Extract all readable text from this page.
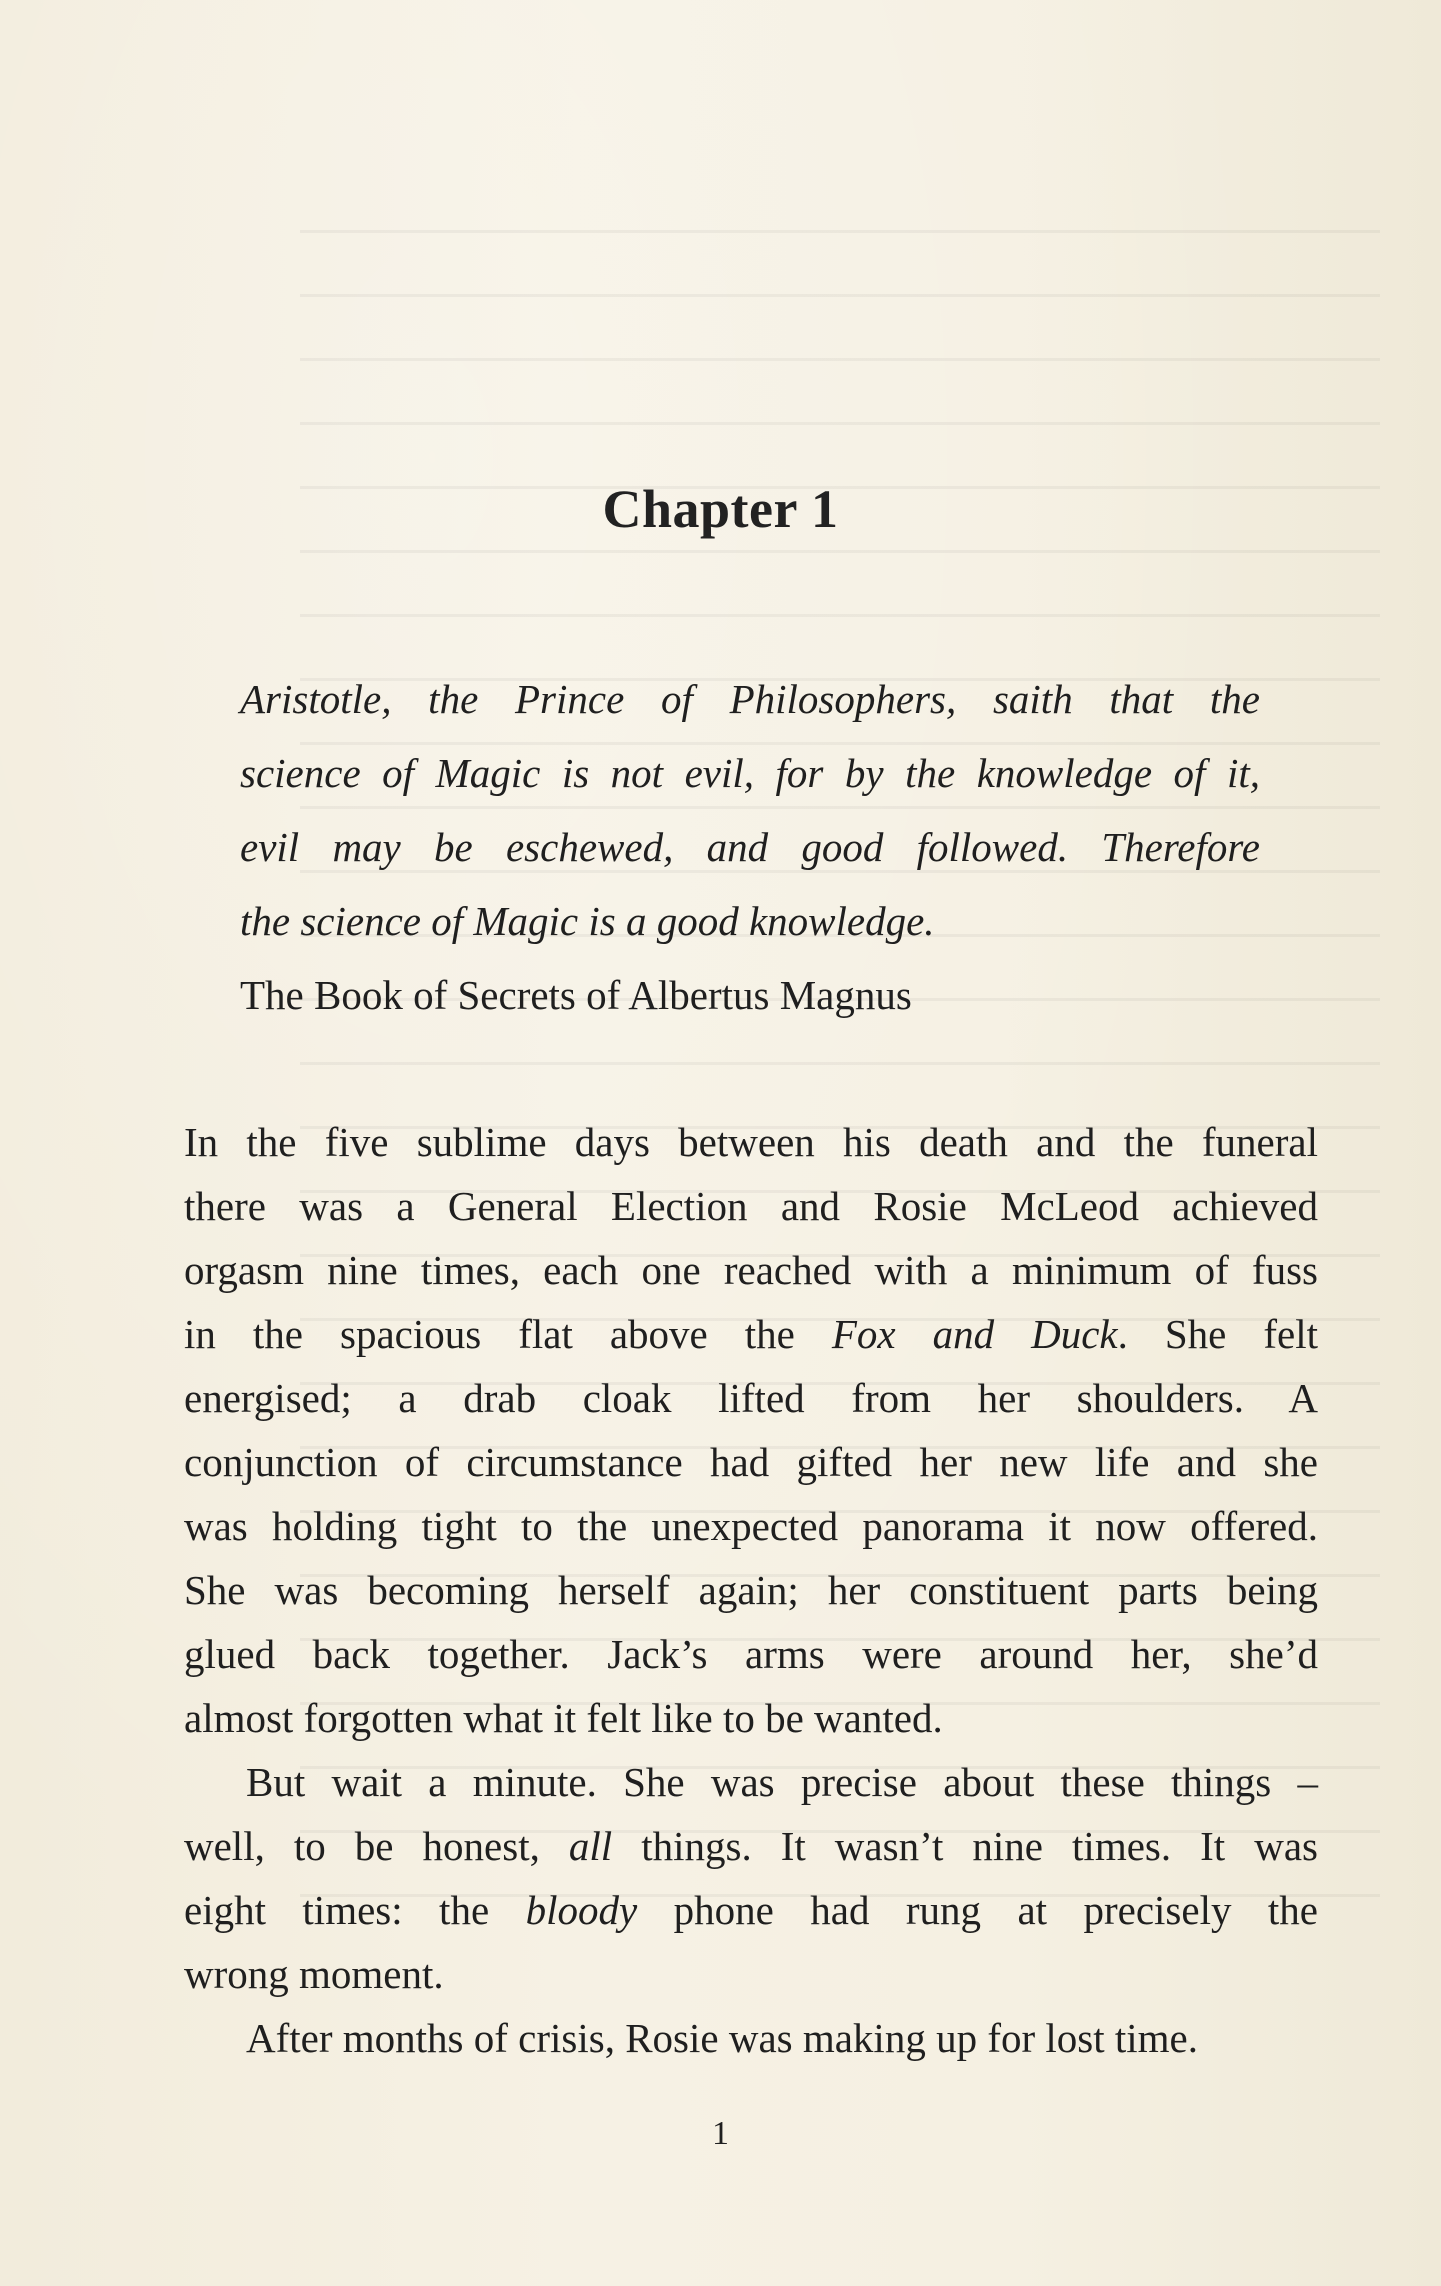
Chapter 1
Aristotle, the Prince of Philosophers, saith that the
science of Magic is not evil, for by the knowledge of it,
evil may be eschewed, and good followed. Therefore
the science of Magic is a good knowledge.
The Book of Secrets of Albertus Magnus
In the five sublime days between his death and the funeral
there was a General Election and Rosie McLeod achieved
orgasm nine times, each one reached with a minimum of fuss
in the spacious flat above the Fox and Duck. She felt
energised; a drab cloak lifted from her shoulders. A
conjunction of circumstance had gifted her new life and she
was holding tight to the unexpected panorama it now offered.
She was becoming herself again; her constituent parts being
glued back together. Jack’s arms were around her, she’d
almost forgotten what it felt like to be wanted.
But wait a minute. She was precise about these things –
well, to be honest, all things. It wasn’t nine times. It was
eight times: the bloody phone had rung at precisely the
wrong moment.
After months of crisis, Rosie was making up for lost time.
1
